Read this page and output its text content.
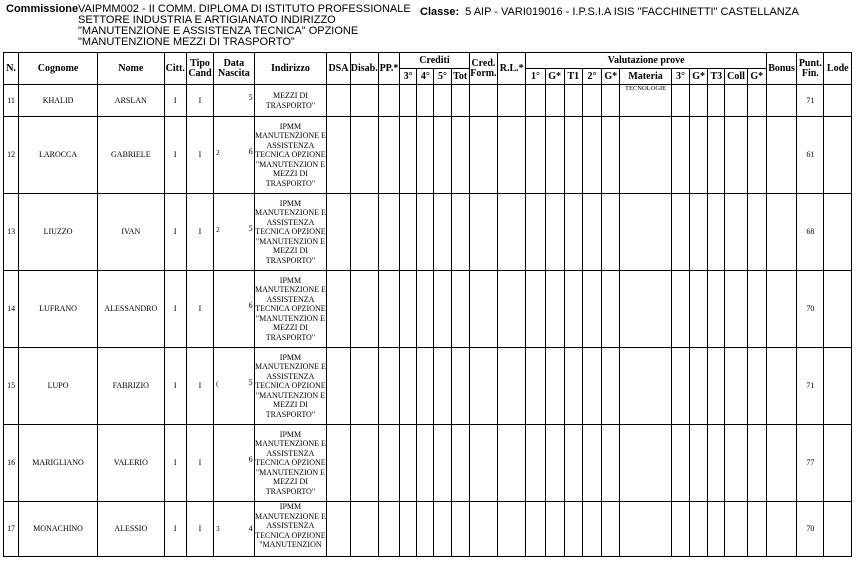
Commissione VAIPMM002 - II COMM. DIPLOMA DI ISTITUTO PROFESSIONALE
SETTORE INDUSTRIA E ARTIGIANATO INDIRIZZO
"MANUTENZIONE E ASSISTENZA TECNICA" OPZIONE
"MANUTENZIONE MEZZI DI TRASPORTO"
Classe: 5 AIP - VARI019016 - I.P.S.I.A ISIS "FACCHINETTI" CASTELLANZA
N.	Cognome	Nome	Citt.	Tipo Cand	Data Nascita	Indirizzo	DSA	Disab.	PP.*	Crediti				Cred. Form.	R.L.*	Valutazione prove											Bonus	Punt. Fin.	Lode
										3°	4°	5°	Tot			1°	G*	T1	2°	G*	Materia	3°	G*	T3	Coll	G*			
11	KHALID	ARSLAN	I	I	5	MEZZI DI TRASPORTO"															TECNOLOGIE							71	
12	LAROCCA	GABRIELE	I	I	2 6	IPMM MANUTENZIONE E ASSISTENZA TECNICA OPZIONE "MANUTENZION E MEZZI DI TRASPORTO"																						61	
13	LIUZZO	IVAN	I	I	2 5	IPMM MANUTENZIONE E ASSISTENZA TECNICA OPZIONE "MANUTENZION E MEZZI DI TRASPORTO"																						68	
14	LUFRANO	ALESSANDRO	I	I	6	IPMM MANUTENZIONE E ASSISTENZA TECNICA OPZIONE "MANUTENZION E MEZZI DI TRASPORTO"																						70	
15	LUPO	FABRIZIO	I	I	( 5	IPMM MANUTENZIONE E ASSISTENZA TECNICA OPZIONE "MANUTENZION E MEZZI DI TRASPORTO"																						71	
16	MARIGLIANO	VALERIO	I	I	6	IPMM MANUTENZIONE E ASSISTENZA TECNICA OPZIONE "MANUTENZION E MEZZI DI TRASPORTO"																						77	
17	MONACHINO	ALESSIO	I	I	3 4	IPMM MANUTENZIONE E ASSISTENZA TECNICA OPZIONE "MANUTENZION																						70	
